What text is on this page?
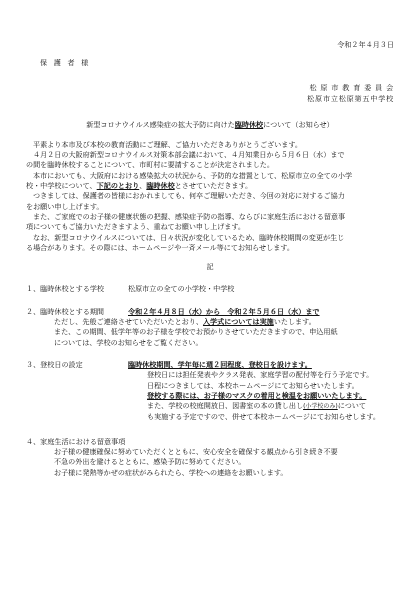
令和２年４月３日
保 護 者 様
松 原 市 教 育 委 員 会
松原市立松原第五中学校
新型コロナウイルス感染症の拡大予防に向けた臨時休校について（お知らせ）
平素より本市及び本校の教育活動にご理解、ご協力いただきありがとうございます。
４月２日の大阪府新型コロナウイルス対策本部会議において、４月知業日から５月６日（水）まで
の間を臨時休校することについて、市町村に要請することが決定されました。
本市においても、大阪府における感染拡大の状況から、予防的な措置として、松原市立の全ての小学
校・中学校について、下記のとおり、臨時休校とさせていただきます。
つきましては、保護者の皆様におかれましても、何卒ご理解いただき、今回の対応に対するご協力
をお願い申し上げます。
また、ご家庭でのお子様の健康状態の把握、感染症予防の指導、ならびに家庭生活における留意事
項についてもご協力いただきますよう、重ねてお願い申し上げます。
なお、新型コロナウイルスについては、日々状況が変化しているため、臨時休校期間の変更が生じ
る場合があります。その際には、ホームページや一斉メール等にてお知らせします。
記
１、臨時休校とする学校	松原市立の全ての小学校・中学校
２、臨時休校とする期間	令和２年４月８日（水）から　令和２年５月６日（水）まで
ただし、先般ご連絡させていただいたとおり、入学式については実施いたします。
また、この期間、低学年等のお子様を学校でお預かりさせていただきますので、申込用紙
については、学校のお知らせをご覧ください。
３、登校日の設定	臨時休校期間、学年毎に週２回程度、登校日を設けます。
登校日には担任発表やクラス発表、家庭学習の配付等を行う予定です。
日程につきましては、本校ホームページにてお知らせいたします。
登校する際には、お子様のマスクの着用と検温をお願いいたします。
また、学校の校庭開放日、図書室の本の貸し出し(小学校のみ)について
も実施する予定ですので、併せて本校ホームページにてお知らせします。
４、家庭生活における留意事項
お子様の健康確保に努めていただくとともに、安心安全を確保する観点から引き続き不要
不急の外出を避けるとともに、感染予防に努めてください。
お子様に発熱等かぜの症状がみられたら、学校への連絡をお願いします。
